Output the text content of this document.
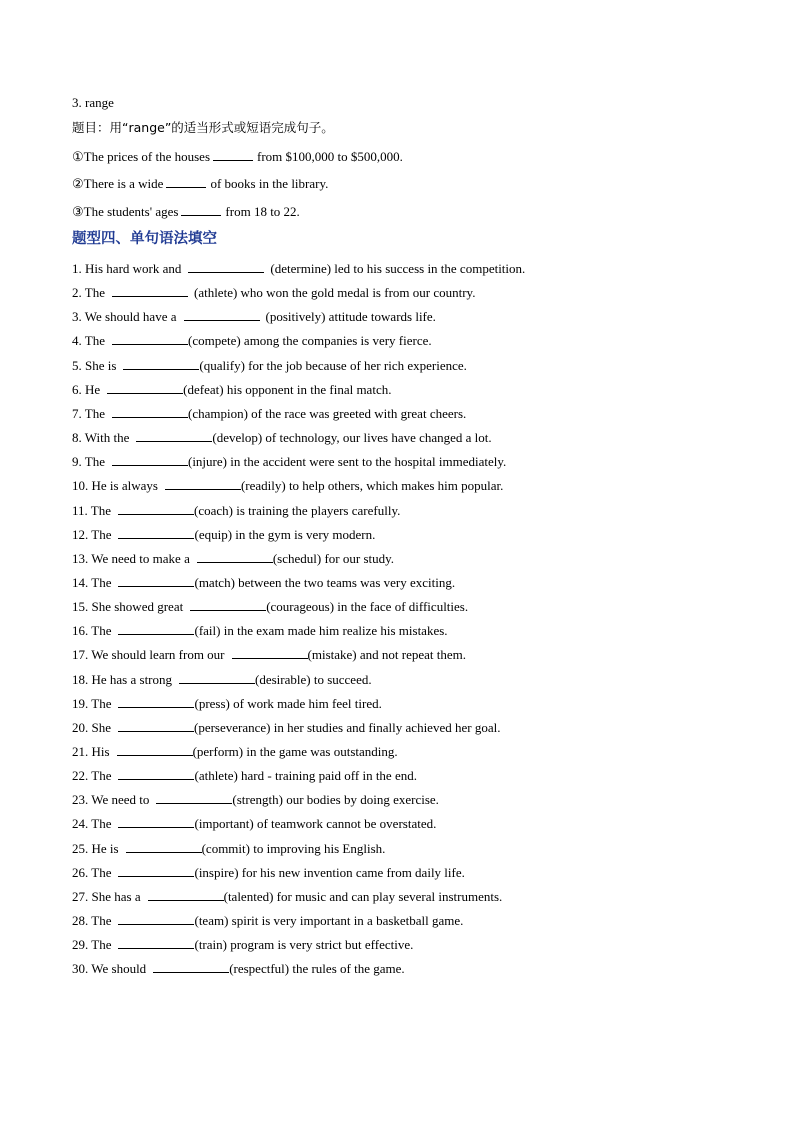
3. range
题目：用“range”的适当形式或短语完成句子。
①The prices of the houses	from $100,000 to $500,000.
②There is a wide	of books in the library.
③The students' ages	from 18 to 22.
题型四、单句语法填空
1. His hard work and	(determine) led to his success in the competition.
2. The	(athlete) who won the gold medal is from our country.
3. We should have a	(positively) attitude towards life.
4. The	(compete) among the companies is very fierce.
5. She is	(qualify) for the job because of her rich experience.
6. He	(defeat) his opponent in the final match.
7. The	(champion) of the race was greeted with great cheers.
8. With the	(develop) of technology, our lives have changed a lot.
9. The	(injure) in the accident were sent to the hospital immediately.
10. He is always	(readily) to help others, which makes him popular.
11. The	(coach) is training the players carefully.
12. The	(equip) in the gym is very modern.
13. We need to make a	(schedul) for our study.
14. The	(match) between the two teams was very exciting.
15. She showed great	(courageous) in the face of difficulties.
16. The	(fail) in the exam made him realize his mistakes.
17. We should learn from our	(mistake) and not repeat them.
18. He has a strong	(desirable) to succeed.
19. The	(press) of work made him feel tired.
20. She	(perseverance) in her studies and finally achieved her goal.
21. His	(perform) in the game was outstanding.
22. The	(athlete) hard - training paid off in the end.
23. We need to	(strength) our bodies by doing exercise.
24. The	(important) of teamwork cannot be overstated.
25. He is	(commit) to improving his English.
26. The	(inspire) for his new invention came from daily life.
27. She has a	(talented) for music and can play several instruments.
28. The	(team) spirit is very important in a basketball game.
29. The	(train) program is very strict but effective.
30. We should	(respectful) the rules of the game.
